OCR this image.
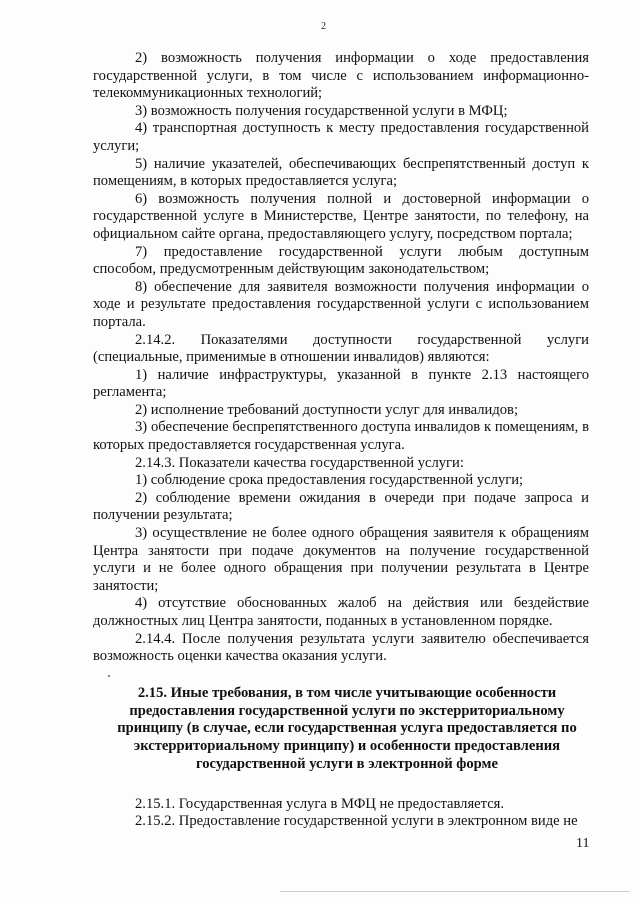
2

2) возможность получения информации о ходе предоставления государственной услуги, в том числе с использованием информационно-телекоммуникационных технологий;

3) возможность получения государственной услуги в МФЦ;

4) транспортная доступность к месту предоставления государственной услуги;

5) наличие указателей, обеспечивающих беспрепятственный доступ к помещениям, в которых предоставляется услуга;

6) возможность получения полной и достоверной информации о государственной услуге в Министерстве, Центре занятости, по телефону, на официальном сайте органа, предоставляющего услугу, посредством портала;

7) предоставление государственной услуги любым доступным способом, предусмотренным действующим законодательством;

8) обеспечение для заявителя возможности получения информации о ходе и результате предоставления государственной услуги с использованием портала.

2.14.2. Показателями доступности государственной услуги (специальные, применимые в отношении инвалидов) являются:

1) наличие инфраструктуры, указанной в пункте 2.13 настоящего регламента;

2) исполнение требований доступности услуг для инвалидов;

3) обеспечение беспрепятственного доступа инвалидов к помещениям, в которых предоставляется государственная услуга.

2.14.3. Показатели качества государственной услуги:

1) соблюдение срока предоставления государственной услуги;

2) соблюдение времени ожидания в очереди при подаче запроса и получении результата;

3) осуществление не более одного обращения заявителя к обращениям Центра занятости при подаче документов на получение государственной услуги и не более одного обращения при получении результата в Центре занятости;

4) отсутствие обоснованных жалоб на действия или бездействие должностных лиц Центра занятости, поданных в установленном порядке.

2.14.4. После получения результата услуги заявителю обеспечивается возможность оценки качества оказания услуги.

2.15. Иные требования, в том числе учитывающие особенности предоставления государственной услуги по экстерриториальному принципу (в случае, если государственная услуга предоставляется по экстерриториальному принципу) и особенности предоставления государственной услуги в электронной форме

2.15.1. Государственная услуга в МФЦ не предоставляется.

2.15.2. Предоставление государственной услуги в электронном виде не

11
